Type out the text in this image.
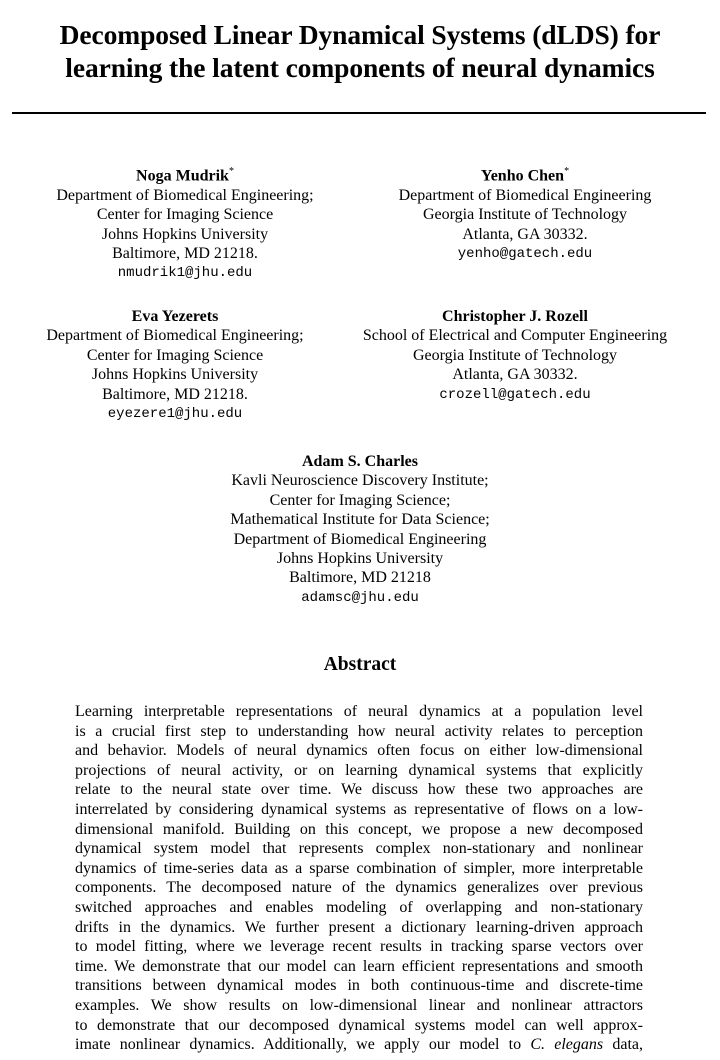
Decomposed Linear Dynamical Systems (dLDS) for
learning the latent components of neural dynamics
Noga Mudrik*
Department of Biomedical Engineering;
Center for Imaging Science
Johns Hopkins University
Baltimore, MD 21218.
nmudrik1@jhu.edu
Yenho Chen*
Department of Biomedical Engineering
Georgia Institute of Technology
Atlanta, GA 30332.
yenho@gatech.edu
Eva Yezerets
Department of Biomedical Engineering;
Center for Imaging Science
Johns Hopkins University
Baltimore, MD 21218.
eyezere1@jhu.edu
Christopher J. Rozell
School of Electrical and Computer Engineering
Georgia Institute of Technology
Atlanta, GA 30332.
crozell@gatech.edu
Adam S. Charles
Kavli Neuroscience Discovery Institute;
Center for Imaging Science;
Mathematical Institute for Data Science;
Department of Biomedical Engineering
Johns Hopkins University
Baltimore, MD 21218
adamsc@jhu.edu
Abstract
Learning interpretable representations of neural dynamics at a population level
is a crucial first step to understanding how neural activity relates to perception
and behavior. Models of neural dynamics often focus on either low-dimensional
projections of neural activity, or on learning dynamical systems that explicitly
relate to the neural state over time. We discuss how these two approaches are
interrelated by considering dynamical systems as representative of flows on a low-
dimensional manifold. Building on this concept, we propose a new decomposed
dynamical system model that represents complex non-stationary and nonlinear
dynamics of time-series data as a sparse combination of simpler, more interpretable
components. The decomposed nature of the dynamics generalizes over previous
switched approaches and enables modeling of overlapping and non-stationary
drifts in the dynamics. We further present a dictionary learning-driven approach
to model fitting, where we leverage recent results in tracking sparse vectors over
time. We demonstrate that our model can learn efficient representations and smooth
transitions between dynamical modes in both continuous-time and discrete-time
examples. We show results on low-dimensional linear and nonlinear attractors
to demonstrate that our decomposed dynamical systems model can well approx-
imate nonlinear dynamics. Additionally, we apply our model to C. elegans data,
